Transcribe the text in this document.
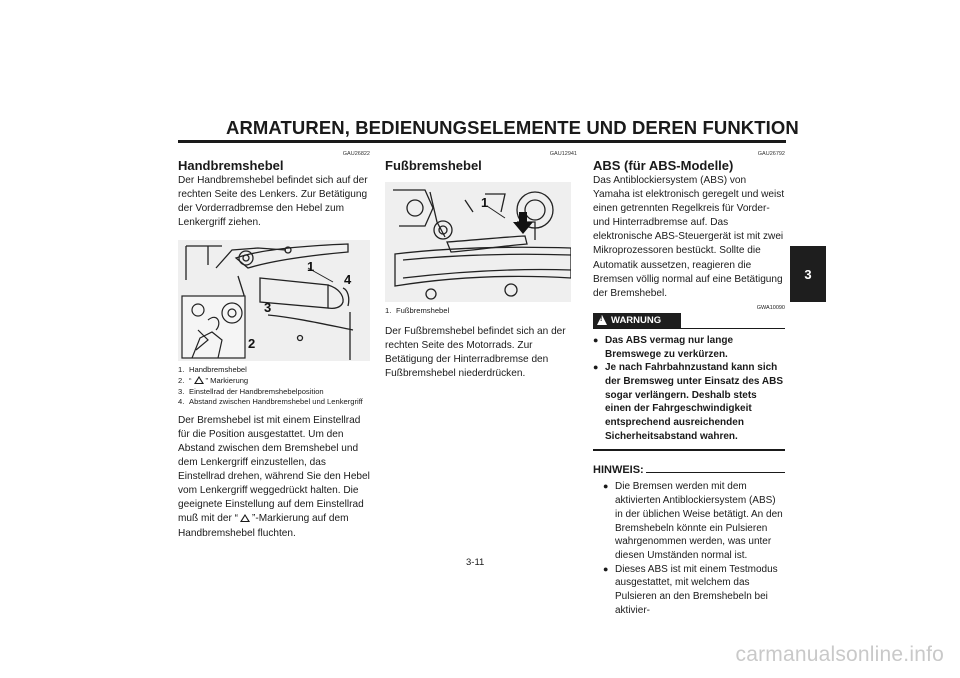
ARMATUREN, BEDIENUNGSELEMENTE UND DEREN FUNKTION
3
GAU26822
Handbremshebel

Der Handbremshebel befindet sich auf der rechten Seite des Lenkers. Zur Betätigung der Vorderradbremse den Hebel zum Lenkergriff ziehen.

1
2
3
4
1. Handbremshebel
2. “ ” Markierung
3. Einstellrad der Handbremshebelposition
4. Abstand zwischen Handbremshebel und Lenkergriff

Der Bremshebel ist mit einem Einstellrad für die Position ausgestattet. Um den Abstand zwischen dem Bremshebel und dem Lenkergriff einzustellen, das Einstellrad drehen, während Sie den Hebel vom Lenkergriff weggedrückt halten. Die geeignete Einstellung auf dem Einstellrad muß mit der “ ”-Markierung auf dem Handbremshebel fluchten.

GAU12941
Fußbremshebel
1
1. Fußbremshebel

Der Fußbremshebel befindet sich an der rechten Seite des Motorrads. Zur Betätigung der Hinterradbremse den Fußbremshebel niederdrücken.

GAU26792
ABS (für ABS-Modelle)

Das Antiblockiersystem (ABS) von Yamaha ist elektronisch geregelt und weist einen getrennten Regelkreis für Vorder- und Hinterradbremse auf. Das elektronische ABS-Steuergerät ist mit zwei Mikroprozessoren bestückt. Sollte die Automatik aussetzen, reagieren die Bremsen völlig normal auf eine Betätigung der Bremshebel.

GWA10090
!
WARNUNG
● Das ABS vermag nur lange Bremswege zu verkürzen.
● Je nach Fahrbahnzustand kann sich der Bremsweg unter Einsatz des ABS sogar verlängern. Deshalb stets einen der Fahrgeschwindigkeit entsprechend ausreichenden Sicherheitsabstand wahren.
HINWEIS:
● Die Bremsen werden mit dem aktivierten Antiblockiersystem (ABS) in der üblichen Weise betätigt. An den Bremshebeln könnte ein Pulsieren wahrgenommen werden, was unter diesen Umständen normal ist.
● Dieses ABS ist mit einem Testmodus ausgestattet, mit welchem das Pulsieren an den Bremshebeln bei aktivier-
3-11
carmanualsonline.info
